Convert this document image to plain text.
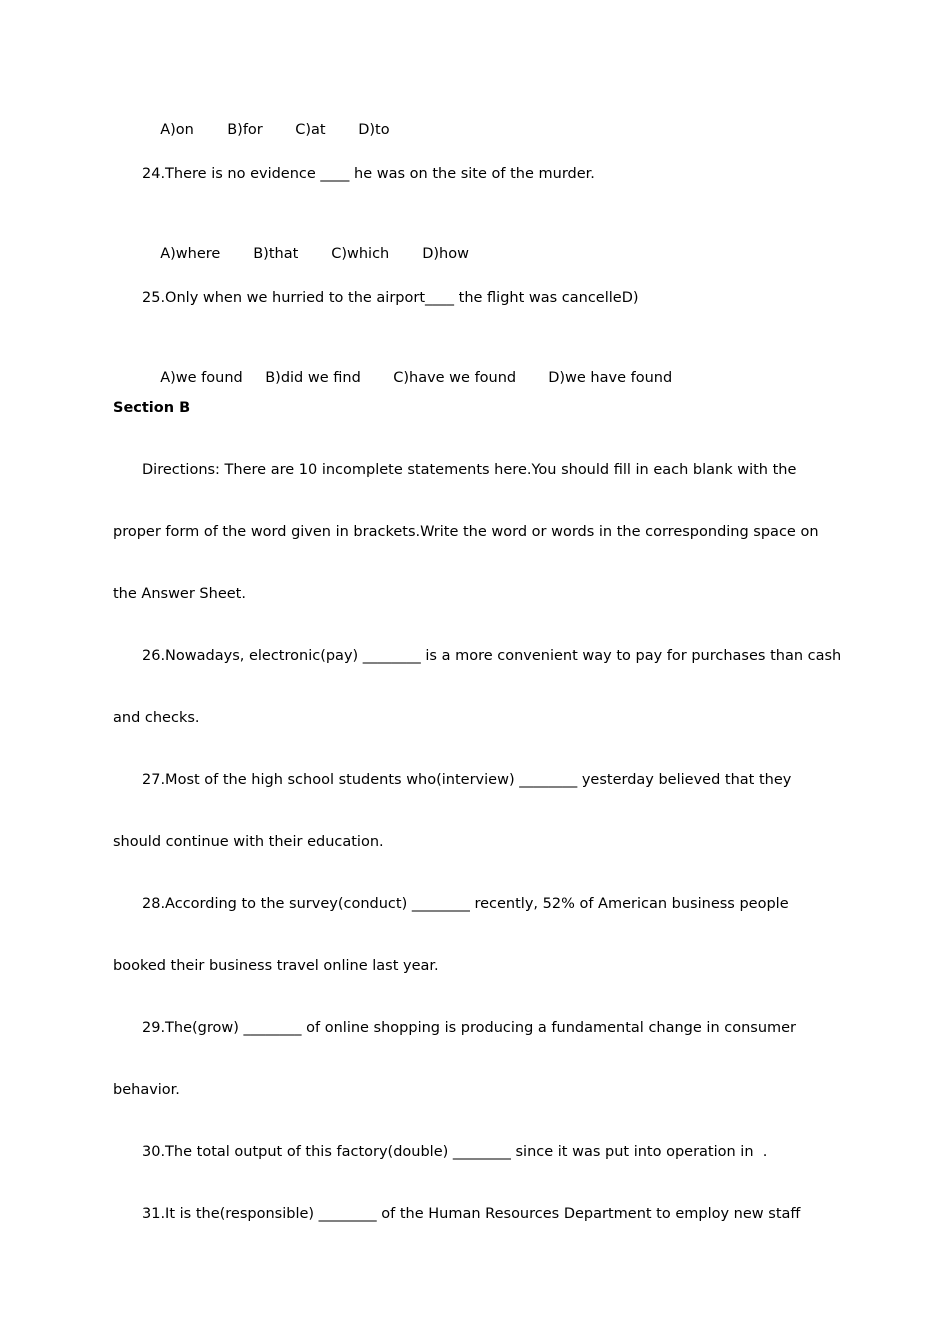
A)on B)for C)at D)to

24.There is no evidence ____ he was on the site of the murder.

A)where B)that C)which D)how

25.Only when we hurried to the airport____ the flight was cancelleD)

A)we found B)did we find C)have we found D)we have found

Section B
Directions: There are 10 incomplete statements here.You should fill in each blank with the
proper form of the word given in brackets.Write the word or words in the corresponding space on
the Answer Sheet.
26.Nowadays, electronic(pay) ________ is a more convenient way to pay for purchases than cash
and checks.
27.Most of the high school students who(interview) ________ yesterday believed that they
should continue with their education.
28.According to the survey(conduct) ________ recently, 52% of American business people
booked their business travel online last year.
29.The(grow) ________ of online shopping is producing a fundamental change in consumer
behavior.
30.The total output of this factory(double) ________ since it was put into operation in  .
31.It is the(responsible) ________ of the Human Resources Department to employ new staff
